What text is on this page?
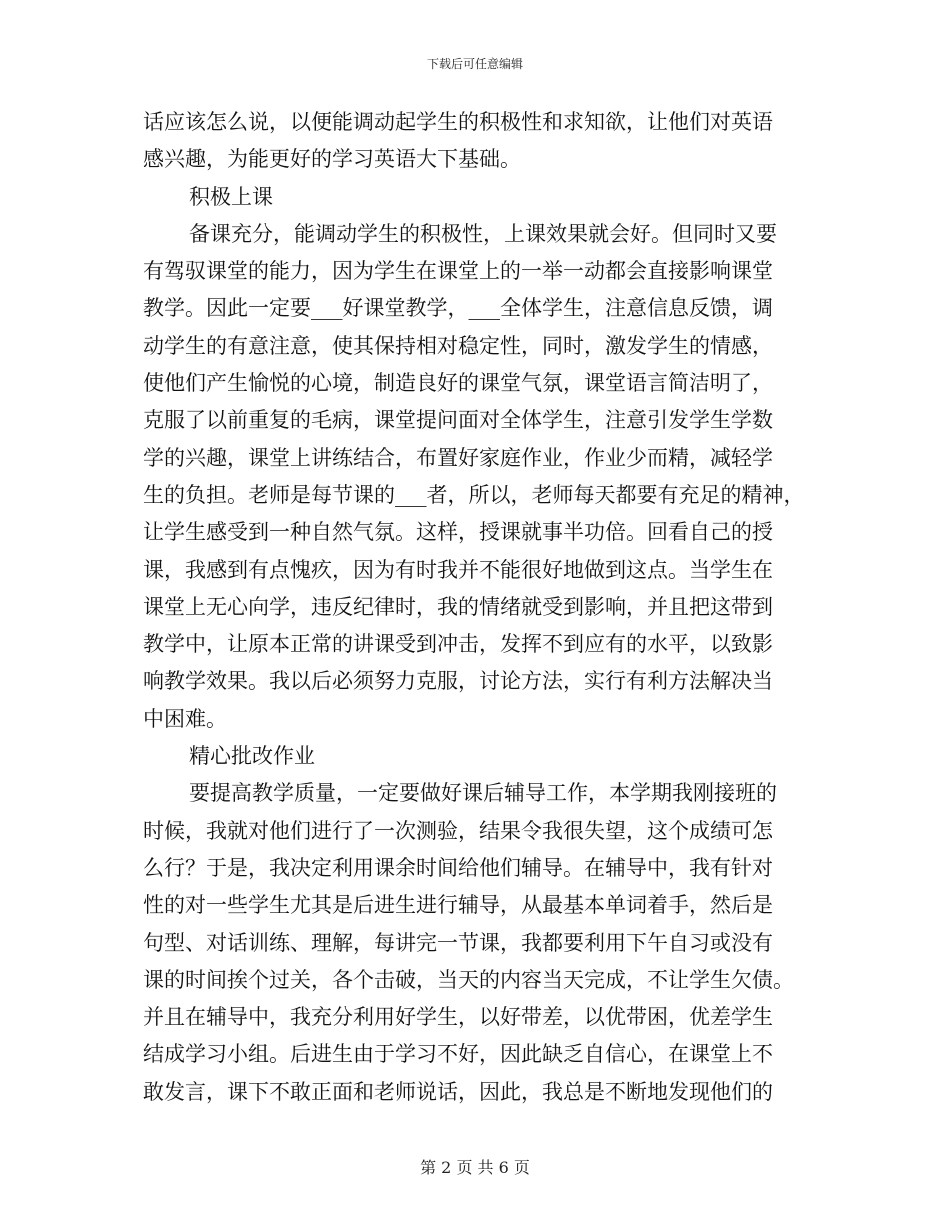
下载后可任意编辑
话应该怎么说，以便能调动起学生的积极性和求知欲，让他们对英语
感兴趣，为能更好的学习英语大下基础。
积极上课
备课充分，能调动学生的积极性，上课效果就会好。但同时又要
有驾驭课堂的能力，因为学生在课堂上的一举一动都会直接影响课堂
教学。因此一定要___好课堂教学，___全体学生，注意信息反馈，调
动学生的有意注意，使其保持相对稳定性，同时，激发学生的情感，
使他们产生愉悦的心境，制造良好的课堂气氛，课堂语言简洁明了，
克服了以前重复的毛病，课堂提问面对全体学生，注意引发学生学数
学的兴趣，课堂上讲练结合，布置好家庭作业，作业少而精，减轻学
生的负担。老师是每节课的___者，所以，老师每天都要有充足的精神，
让学生感受到一种自然气氛。这样，授课就事半功倍。回看自己的授
课，我感到有点愧疚，因为有时我并不能很好地做到这点。当学生在
课堂上无心向学，违反纪律时，我的情绪就受到影响，并且把这带到
教学中，让原本正常的讲课受到冲击，发挥不到应有的水平，以致影
响教学效果。我以后必须努力克服，讨论方法，实行有利方法解决当
中困难。
精心批改作业
要提高教学质量，一定要做好课后辅导工作，本学期我刚接班的
时候，我就对他们进行了一次测验，结果令我很失望，这个成绩可怎
么行？于是，我决定利用课余时间给他们辅导。在辅导中，我有针对
性的对一些学生尤其是后进生进行辅导，从最基本单词着手，然后是
句型、对话训练、理解，每讲完一节课，我都要利用下午自习或没有
课的时间挨个过关，各个击破，当天的内容当天完成，不让学生欠债。
并且在辅导中，我充分利用好学生，以好带差，以优带困，优差学生
结成学习小组。后进生由于学习不好，因此缺乏自信心，在课堂上不
敢发言，课下不敢正面和老师说话，因此，我总是不断地发现他们的
第 2 页 共 6 页
